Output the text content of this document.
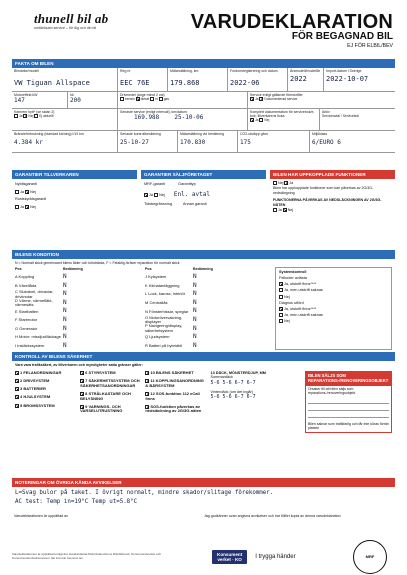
thunell bil ab
omtänksam service – för dig och din bil	VARUDEKLARATION
FÖR BEGAGNAD BIL
EJ FÖR ELBIL/BEV
FAKTA OM BILEN
Bilmärke/modell
VW Tiguan Allspace
Reg nr
EEC 76E
Mätarställning, km
179.868
Fordonsregistrering och datum
2022-06
Årsmodell/modellår
2022
Import-datum i Sverige
2022-10-07
Motoreffekt kW
147
hk
200
Drivmedel (ange minst 2 val)
bensin ✕diesel el gas
Service enligt gällande föreskrifter
✕Ja ✕Dokumenterad service
Kamrem bytt* (se sidan 2)
Ja ✕Nej Ej aktuellt
Senaste service (enligt intervall), km/datum
169.988	25-10-06
Komplett dokumentation för servicebok/e-bok, tillverkarens ficka
✕Ja Nej
Arkiv
Serviceavtal / Servicebok
Bränsleförbrukning (blandad körning) l/10 km
4.384 kr
Senaste kontrollbesiktning
25-10-27
Mätarställning vid besiktning
170.830
CO2-utsläpp g/km
175
Miljöklass
6/EURO 6
GARANTIER TILLVERKAREN
Nybilsgaranti
Ja ✕Nej
Rostskyddsgaranti
Ja ✕Nej
GARANTIER SÄLJFÖRETAGET
MRF-garanti	Garantityp
✕Ja Nej Enl. avtal
Tidsbegränsning	Annan garanti
BILEN HAR UPPKOPPLADE FUNKTIONER
Nej ✕Ja
Bilen har uppkopplade funktioner som kan påverkas av 2G/3G-nedstängning
FUNKTIONERNA PÅVERKAS AV NEDSLÄCKNINGEN AV 2G/3G-NÄTEN
Ja ✕Nej
BILENS KONDITION
N = Normalt skick gemensamt bilens ålder och körsträcka, F = Felaktig /kräver reparation för normalt skick
Pos	Bedömning
A Koppling	N
B Växellåda	N
C Slutväxel, drivaxlar, drivknutar	N
D Värme, värmefläkt, värmesäts	N
E Startbatteri	N
F Startmotor	N
G Generator	N
H Motor: missljud/läckage N
I Insläckssystem	N
Pos	Bedömning
J Kylsystem	N
K Klimatanläggning	N
L Lock, kaross, interiör	N
M Centrallås	N
N Fönsterhissar, speglar N
O Motorövervakning, displayer	N
P Navigering/display, säkerhetsystem	N
Q Ljudsystem	N
R Batteri på hybridbil	N

Systemkontroll

Felkoder avlästa

✕Ja, utskrift finns****

Ja, men utskrift saknas

Nej

Diagnos utförd

✕Ja, utskrift finns****

Ja, men utskrift saknas

Nej

KONTROLL AV BILENS SÄKERHET
Vara vara trafiksäkert, av tillverkaren och myndigheter satta gränser gäller:

✕1 FELANORDNINGAR

✕2 DRIVSYSTEM

✕3 BATTERIER

✕4 HJULSYSTEM

✕5 BROMSSYSTEM

✕6 STYRSYSTEM

✕7 SÄKERHETSSYSTEM OCH SÄKERHETSANORDNINGAR

✕8 STRÅLKASTARE OCH BELYSNING

✕9 VARNINGS- OCH VARSELUTRUSTNING

✕10 BILENS SÄKERHET

✕11 KOPPLINGSANORDNING & BÄRSYSTEM

✕12 SOS-funktion 112 eCall finns

✕SOS-funktion påverkas av nedsläckning av 2G/3G-näten

13 DÄCK, MÖNSTERDJUP, MM
Sommardäck
5-6 5-6 6-7 6-7
Vinterdäck (om det ingår)
5-6 5-6 6-7 6-7
BILEN SÄLJS SOM REPARATIONS-/RENOVERINGSOBJEKT

Orsaker till att bilen säljs som reparations-/renoveringsobjekt

Bilen saknar som trafikfarlig och får inte köras förrän platsen

NOTERINGAR OM ÖVRIGA KÄNDA AVVIKELSER
L=Svag bulor på taket. I övrigt normalt, mindre skador/slitage förekommer.
AC test: Temp in=19°C Temp ut=5.8°C
Varudeklarationen är upprättad av	Jag godkänner ovan angivna avvikelser och har tillfört kopia av denna varudeklaration
Varudeklarationen är upprättad enligt det standardavtal Motorbranschens Riksförbund, Konsumentverket och Konsumentombudsmannen har kommit överens om.
Konsument
verket · KO	I trygga händer	MRF
